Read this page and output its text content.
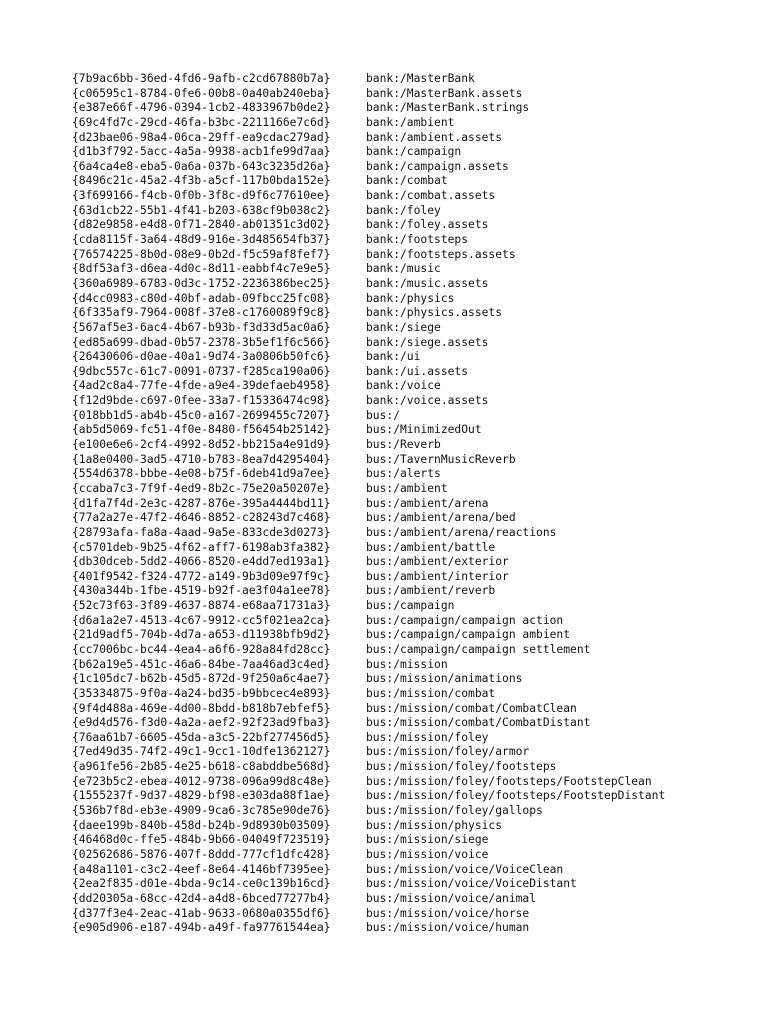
{7b9ac6bb-36ed-4fd6-9afb-c2cd67880b7a}	bank:/MasterBank
{c06595c1-8784-0fe6-00b8-0a40ab240eba}	bank:/MasterBank.assets
{e387e66f-4796-0394-1cb2-4833967b0de2}	bank:/MasterBank.strings
{69c4fd7c-29cd-46fa-b3bc-2211166e7c6d}	bank:/ambient
{d23bae06-98a4-06ca-29ff-ea9cdac279ad}	bank:/ambient.assets
{d1b3f792-5acc-4a5a-9938-acb1fe99d7aa}	bank:/campaign
{6a4ca4e8-eba5-0a6a-037b-643c3235d26a}	bank:/campaign.assets
{8496c21c-45a2-4f3b-a5cf-117b0bda152e}	bank:/combat
{3f699166-f4cb-0f0b-3f8c-d9f6c77610ee}	bank:/combat.assets
{63d1cb22-55b1-4f41-b203-638cf9b038c2}	bank:/foley
{d82e9858-e4d8-0f71-2840-ab01351c3d02}	bank:/foley.assets
{cda8115f-3a64-48d9-916e-3d485654fb37}	bank:/footsteps
{76574225-8b0d-08e9-0b2d-f5c59af8fef7}	bank:/footsteps.assets
{8df53af3-d6ea-4d0c-8d11-eabbf4c7e9e5}	bank:/music
{360a6989-6783-0d3c-1752-2236386bec25}	bank:/music.assets
{d4cc0983-c80d-40bf-adab-09fbcc25fc08}	bank:/physics
{6f335af9-7964-008f-37e8-c1760089f9c8}	bank:/physics.assets
{567af5e3-6ac4-4b67-b93b-f3d33d5ac0a6}	bank:/siege
{ed85a699-dbad-0b57-2378-3b5ef1f6c566}	bank:/siege.assets
{26430606-d0ae-40a1-9d74-3a0806b50fc6}	bank:/ui
{9dbc557c-61c7-0091-0737-f285ca190a06}	bank:/ui.assets
{4ad2c8a4-77fe-4fde-a9e4-39defaeb4958}	bank:/voice
{f12d9bde-c697-0fee-33a7-f15336474c98}	bank:/voice.assets
{018bb1d5-ab4b-45c0-a167-2699455c7207}	bus:/
{ab5d5069-fc51-4f0e-8480-f56454b25142}	bus:/MinimizedOut
{e100e6e6-2cf4-4992-8d52-bb215a4e91d9}	bus:/Reverb
{1a8e0400-3ad5-4710-b783-8ea7d4295404}	bus:/TavernMusicReverb
{554d6378-bbbe-4e08-b75f-6deb41d9a7ee}	bus:/alerts
{ccaba7c3-7f9f-4ed9-8b2c-75e20a50207e}	bus:/ambient
{d1fa7f4d-2e3c-4287-876e-395a4444bd11}	bus:/ambient/arena
{77a2a27e-47f2-4646-8852-c28243d7c468}	bus:/ambient/arena/bed
{28793afa-fa8a-4aad-9a5e-833cde3d0273}	bus:/ambient/arena/reactions
{c5701deb-9b25-4f62-aff7-6198ab3fa382}	bus:/ambient/battle
{db30dceb-5dd2-4066-8520-e4dd7ed193a1}	bus:/ambient/exterior
{401f9542-f324-4772-a149-9b3d09e97f9c}	bus:/ambient/interior
{430a344b-1fbe-4519-b92f-ae3f04a1ee78}	bus:/ambient/reverb
{52c73f63-3f89-4637-8874-e68aa71731a3}	bus:/campaign
{d6a1a2e7-4513-4c67-9912-cc5f021ea2ca}	bus:/campaign/campaign action
{21d9adf5-704b-4d7a-a653-d11938bfb9d2}	bus:/campaign/campaign ambient
{cc7006bc-bc44-4ea4-a6f6-928a84fd28cc}	bus:/campaign/campaign settlement
{b62a19e5-451c-46a6-84be-7aa46ad3c4ed}	bus:/mission
{1c105dc7-b62b-45d5-872d-9f250a6c4ae7}	bus:/mission/animations
{35334875-9f0a-4a24-bd35-b9bbcec4e893}	bus:/mission/combat
{9f4d488a-469e-4d00-8bdd-b818b7ebfef5}	bus:/mission/combat/CombatClean
{e9d4d576-f3d0-4a2a-aef2-92f23ad9fba3}	bus:/mission/combat/CombatDistant
{76aa61b7-6605-45da-a3c5-22bf277456d5}	bus:/mission/foley
{7ed49d35-74f2-49c1-9cc1-10dfe1362127}	bus:/mission/foley/armor
{a961fe56-2b85-4e25-b618-c8abddbe568d}	bus:/mission/foley/footsteps
{e723b5c2-ebea-4012-9738-096a99d8c48e}	bus:/mission/foley/footsteps/FootstepClean
{1555237f-9d37-4829-bf98-e303da88f1ae}	bus:/mission/foley/footsteps/FootstepDistant
{536b7f8d-eb3e-4909-9ca6-3c785e90de76}	bus:/mission/foley/gallops
{daee199b-840b-458d-b24b-9d8930b03509}	bus:/mission/physics
{46468d0c-ffe5-484b-9b66-04049f723519}	bus:/mission/siege
{02562686-5876-407f-8ddd-777cf1dfc428}	bus:/mission/voice
{a48a1101-c3c2-4eef-8e64-4146bf7395ee}	bus:/mission/voice/VoiceClean
{2ea2f835-d01e-4bda-9c14-ce0c139b16cd}	bus:/mission/voice/VoiceDistant
{dd20305a-68cc-42d4-a4d8-6bced77277b4}	bus:/mission/voice/animal
{d377f3e4-2eac-41ab-9633-0680a0355df6}	bus:/mission/voice/horse
{e905d906-e187-494b-a49f-fa97761544ea}	bus:/mission/voice/human
